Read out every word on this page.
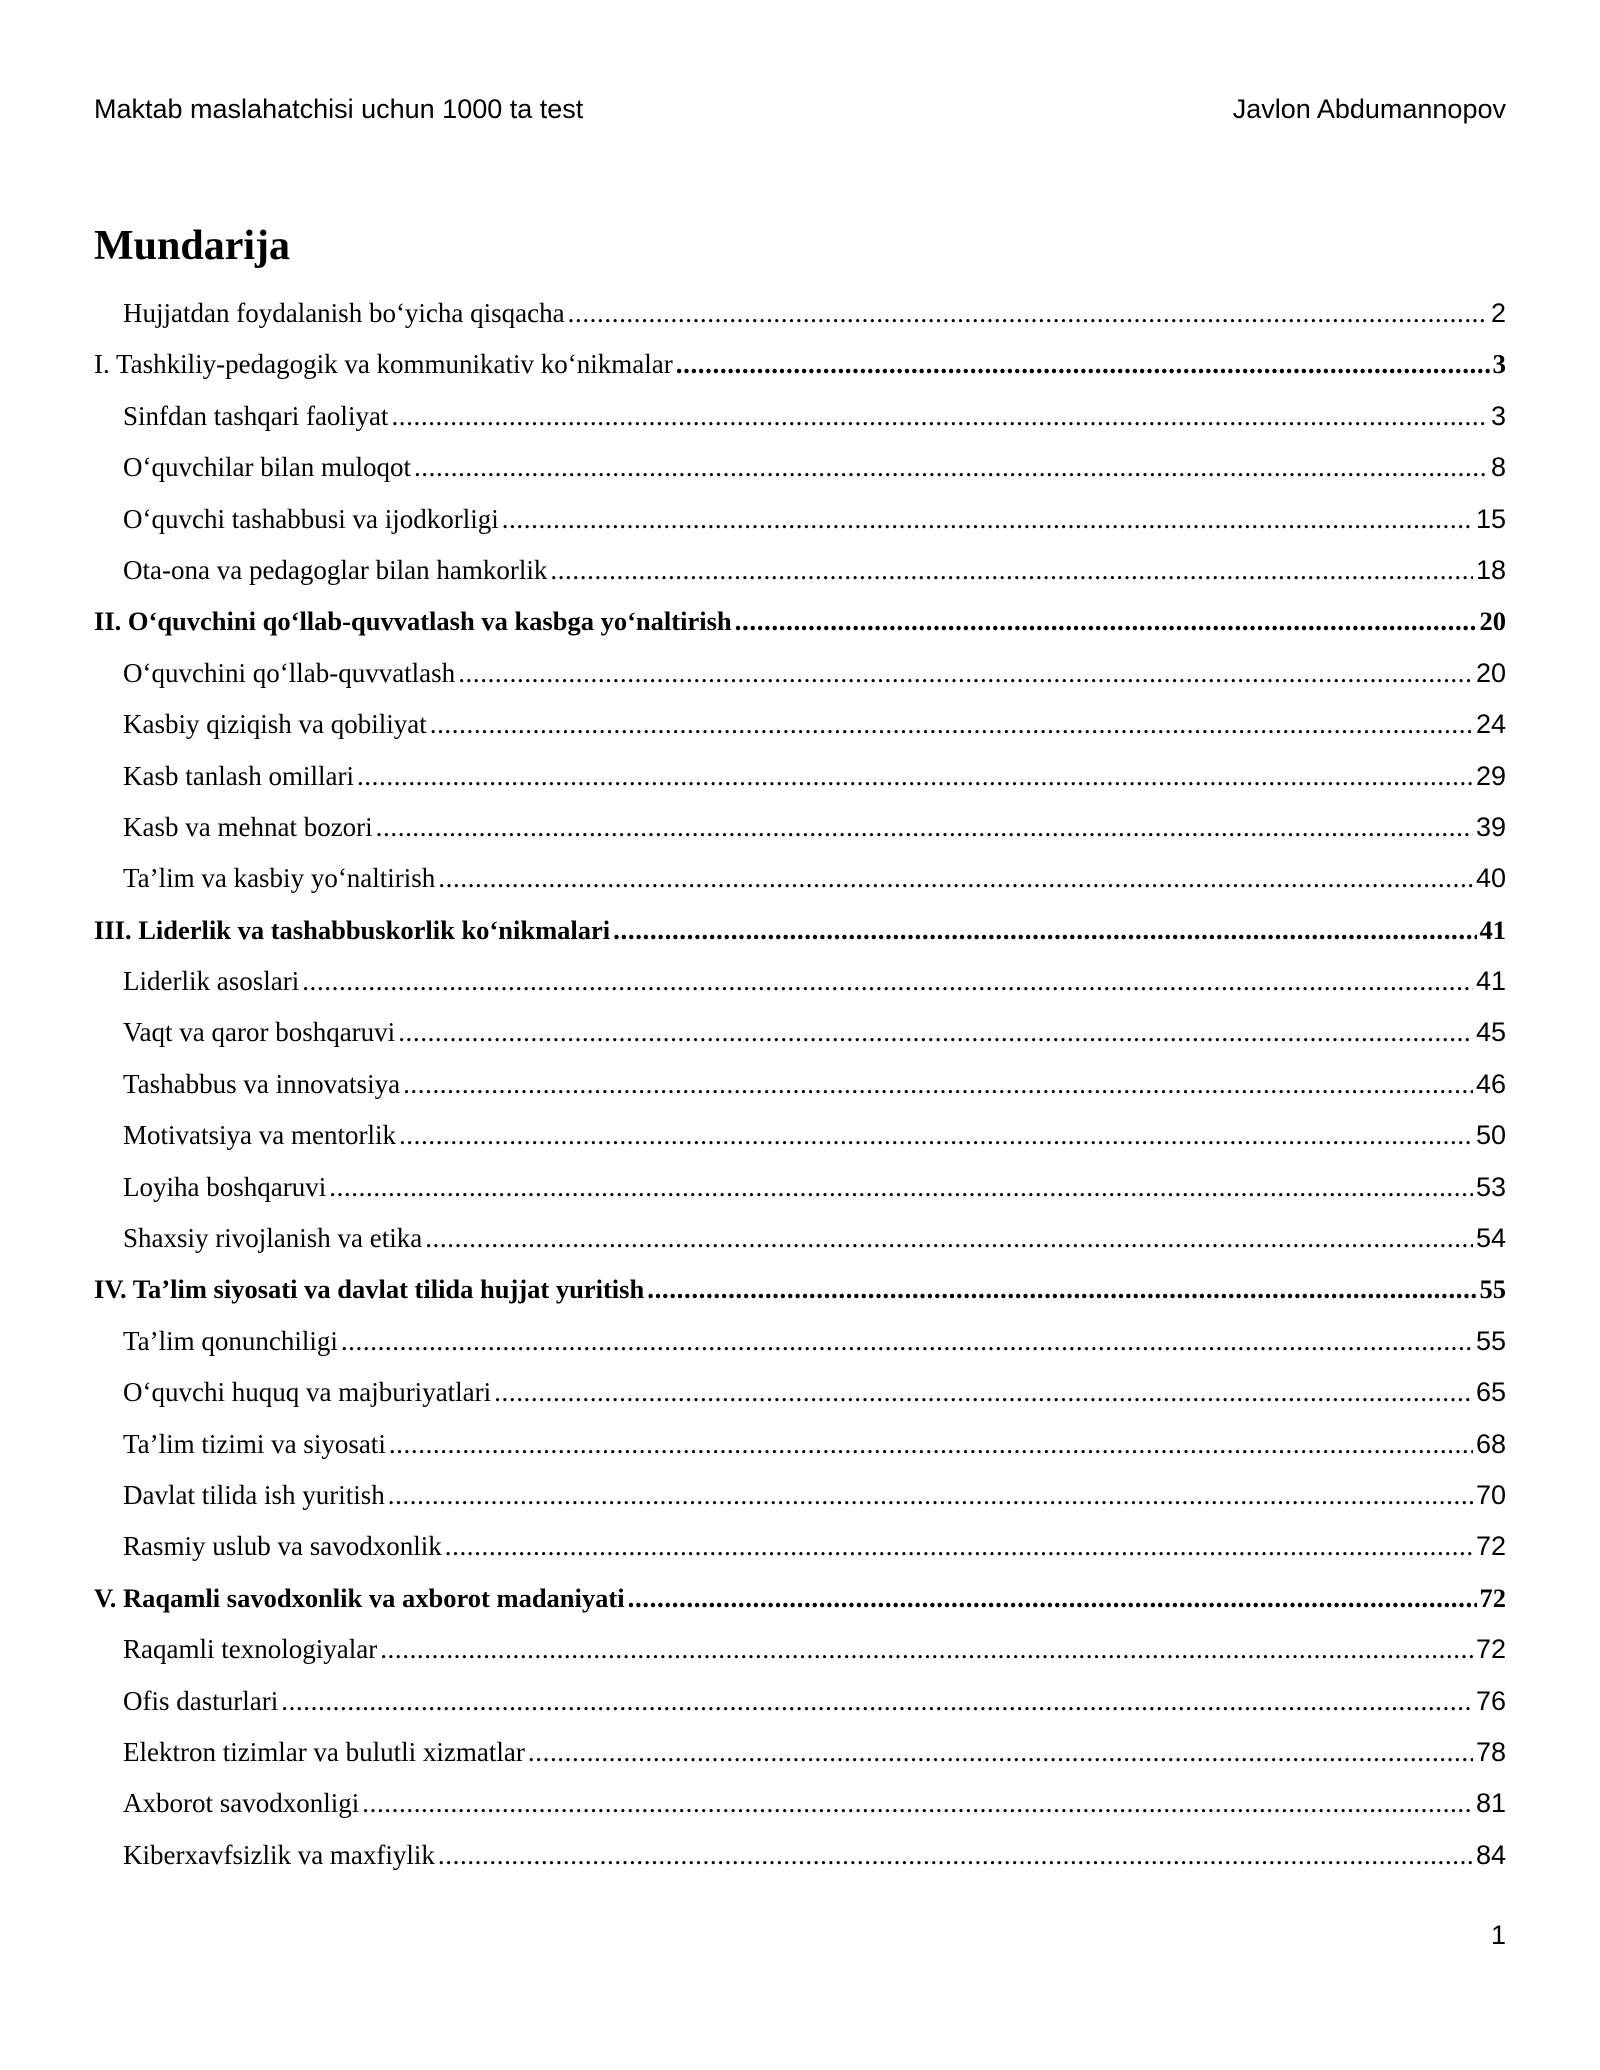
Maktab maslahatchisi uchun 1000 ta test	Javlon Abdumannopov
Mundarija
Hujjatdan foydalanish bo‘yicha qisqacha .....	2
I. Tashkiliy-pedagogik va kommunikativ ko‘nikmalar .....	3
Sinfdan tashqari faoliyat .....	3
O‘quvchilar bilan muloqot .....	8
O‘quvchi tashabbusi va ijodkorligi .....	15
Ota-ona va pedagoglar bilan hamkorlik .....	18
II. O‘quvchini qo‘llab-quvvatlash va kasbga yo‘naltirish .....	20
O‘quvchini qo‘llab-quvvatlash .....	20
Kasbiy qiziqish va qobiliyat .....	24
Kasb tanlash omillari .....	29
Kasb va mehnat bozori .....	39
Ta’lim va kasbiy yo‘naltirish .....	40
III. Liderlik va tashabbuskorlik ko‘nikmalari .....	41
Liderlik asoslari .....	41
Vaqt va qaror boshqaruvi .....	45
Tashabbus va innovatsiya .....	46
Motivatsiya va mentorlik .....	50
Loyiha boshqaruvi .....	53
Shaxsiy rivojlanish va etika .....	54
IV. Ta’lim siyosati va davlat tilida hujjat yuritish .....	55
Ta’lim qonunchiligi .....	55
O‘quvchi huquq va majburiyatlari .....	65
Ta’lim tizimi va siyosati .....	68
Davlat tilida ish yuritish .....	70
Rasmiy uslub va savodxonlik .....	72
V. Raqamli savodxonlik va axborot madaniyati .....	72
Raqamli texnologiyalar .....	72
Ofis dasturlari .....	76
Elektron tizimlar va bulutli xizmatlar .....	78
Axborot savodxonligi .....	81
Kiberxavfsizlik va maxfiylik .....	84
1
